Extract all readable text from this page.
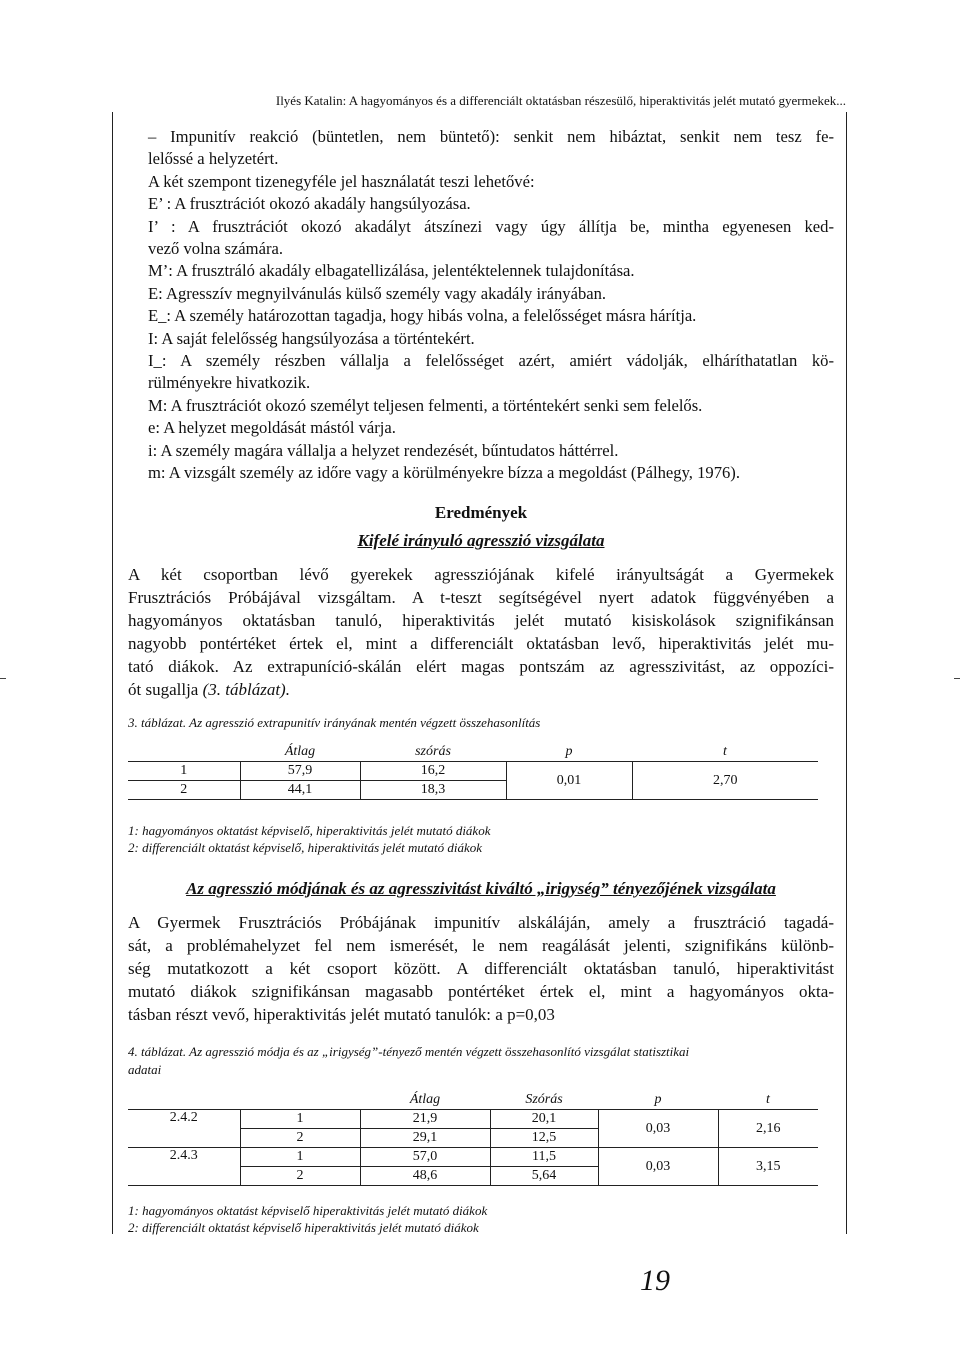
Ilyés Katalin: A hagyományos és a differenciált oktatásban részesülő, hiperaktivitás jelét mutató gyermekek...

– Impunitív reakció (büntetlen, nem büntető): senkit nem hibáztat, senkit nem tesz fe-

lelőssé a helyzetért.

A két szempont tizenegyféle jel használatát teszi lehetővé:

E’ : A frusztrációt okozó akadály hangsúlyozása.

I’ : A frusztrációt okozó akadályt átszínezi vagy úgy állítja be, mintha egyenesen ked-

vező volna számára.

M’: A frusztráló akadály elbagatellizálása, jelentéktelennek tulajdonítása.

E: Agresszív megnyilvánulás külső személy vagy akadály irányában.

E_: A személy határozottan tagadja, hogy hibás volna, a felelősséget másra hárítja.

I: A saját felelősség hangsúlyozása a történtekért.

I_: A személy részben vállalja a felelősséget azért, amiért vádolják, elháríthatatlan kö-

rülményekre hivatkozik.

M: A frusztrációt okozó személyt teljesen felmenti, a történtekért senki sem felelős.

e: A helyzet megoldását mástól várja.

i: A személy magára vállalja a helyzet rendezését, bűntudatos háttérrel.

m: A vizsgált személy az időre vagy a körülményekre bízza a megoldást (Pálhegy, 1976).

Eredmények
Kifelé irányuló agresszió vizsgálata

A két csoportban lévő gyerekek agressziójának kifelé irányultságát a Gyermekek

Frusztrációs Próbájával vizsgáltam. A t-teszt segítségével nyert adatok függvényében a

hagyományos oktatásban tanuló, hiperaktivitás jelét mutató kisiskolások szignifikánsan

nagyobb pontértéket értek el, mint a differenciált oktatásban levő, hiperaktivitás jelét mu-

tató diákok. Az extrapuníció-skálán elért magas pontszám az agresszivitást, az oppozíci-

ót sugallja (3. táblázat).

3. táblázat. Az agresszió extrapunitív irányának mentén végzett összehasonlítás
	Átlag	szórás	p	t
1	57,9	16,2	0,01	2,70
2	44,1	18,3		
1: hagyományos oktatást képviselő, hiperaktivitás jelét mutató diákok
2: differenciált oktatást képviselő, hiperaktivitás jelét mutató diákok
Az agresszió módjának és az agresszivitást kiváltó „irigység” tényezőjének vizsgálata

A Gyermek Frusztrációs Próbájának impunitív alskáláján, amely a frusztráció tagadá-

sát, a problémahelyzet fel nem ismerését, le nem reagálását jelenti, szignifikáns különb-

ség mutatkozott a két csoport között. A differenciált oktatásban tanuló, hiperaktivitást

mutató diákok szignifikánsan magasabb pontértéket értek el, mint a hagyományos okta-

tásban részt vevő, hiperaktivitás jelét mutató tanulók: a p=0,03

4. táblázat. Az agresszió módja és az „irigység”-tényező mentén végzett összehasonlító vizsgálat statisztikai
adatai
		Átlag	Szórás	p	t
2.4.2	1	21,9	20,1	0,03	2,16
	2	29,1	12,5		
2.4.3	1	57,0	11,5	0,03	3,15
	2	48,6	5,64		
1: hagyományos oktatást képviselő hiperaktivitás jelét mutató diákok
2: differenciált oktatást képviselő hiperaktivitás jelét mutató diákok
19
